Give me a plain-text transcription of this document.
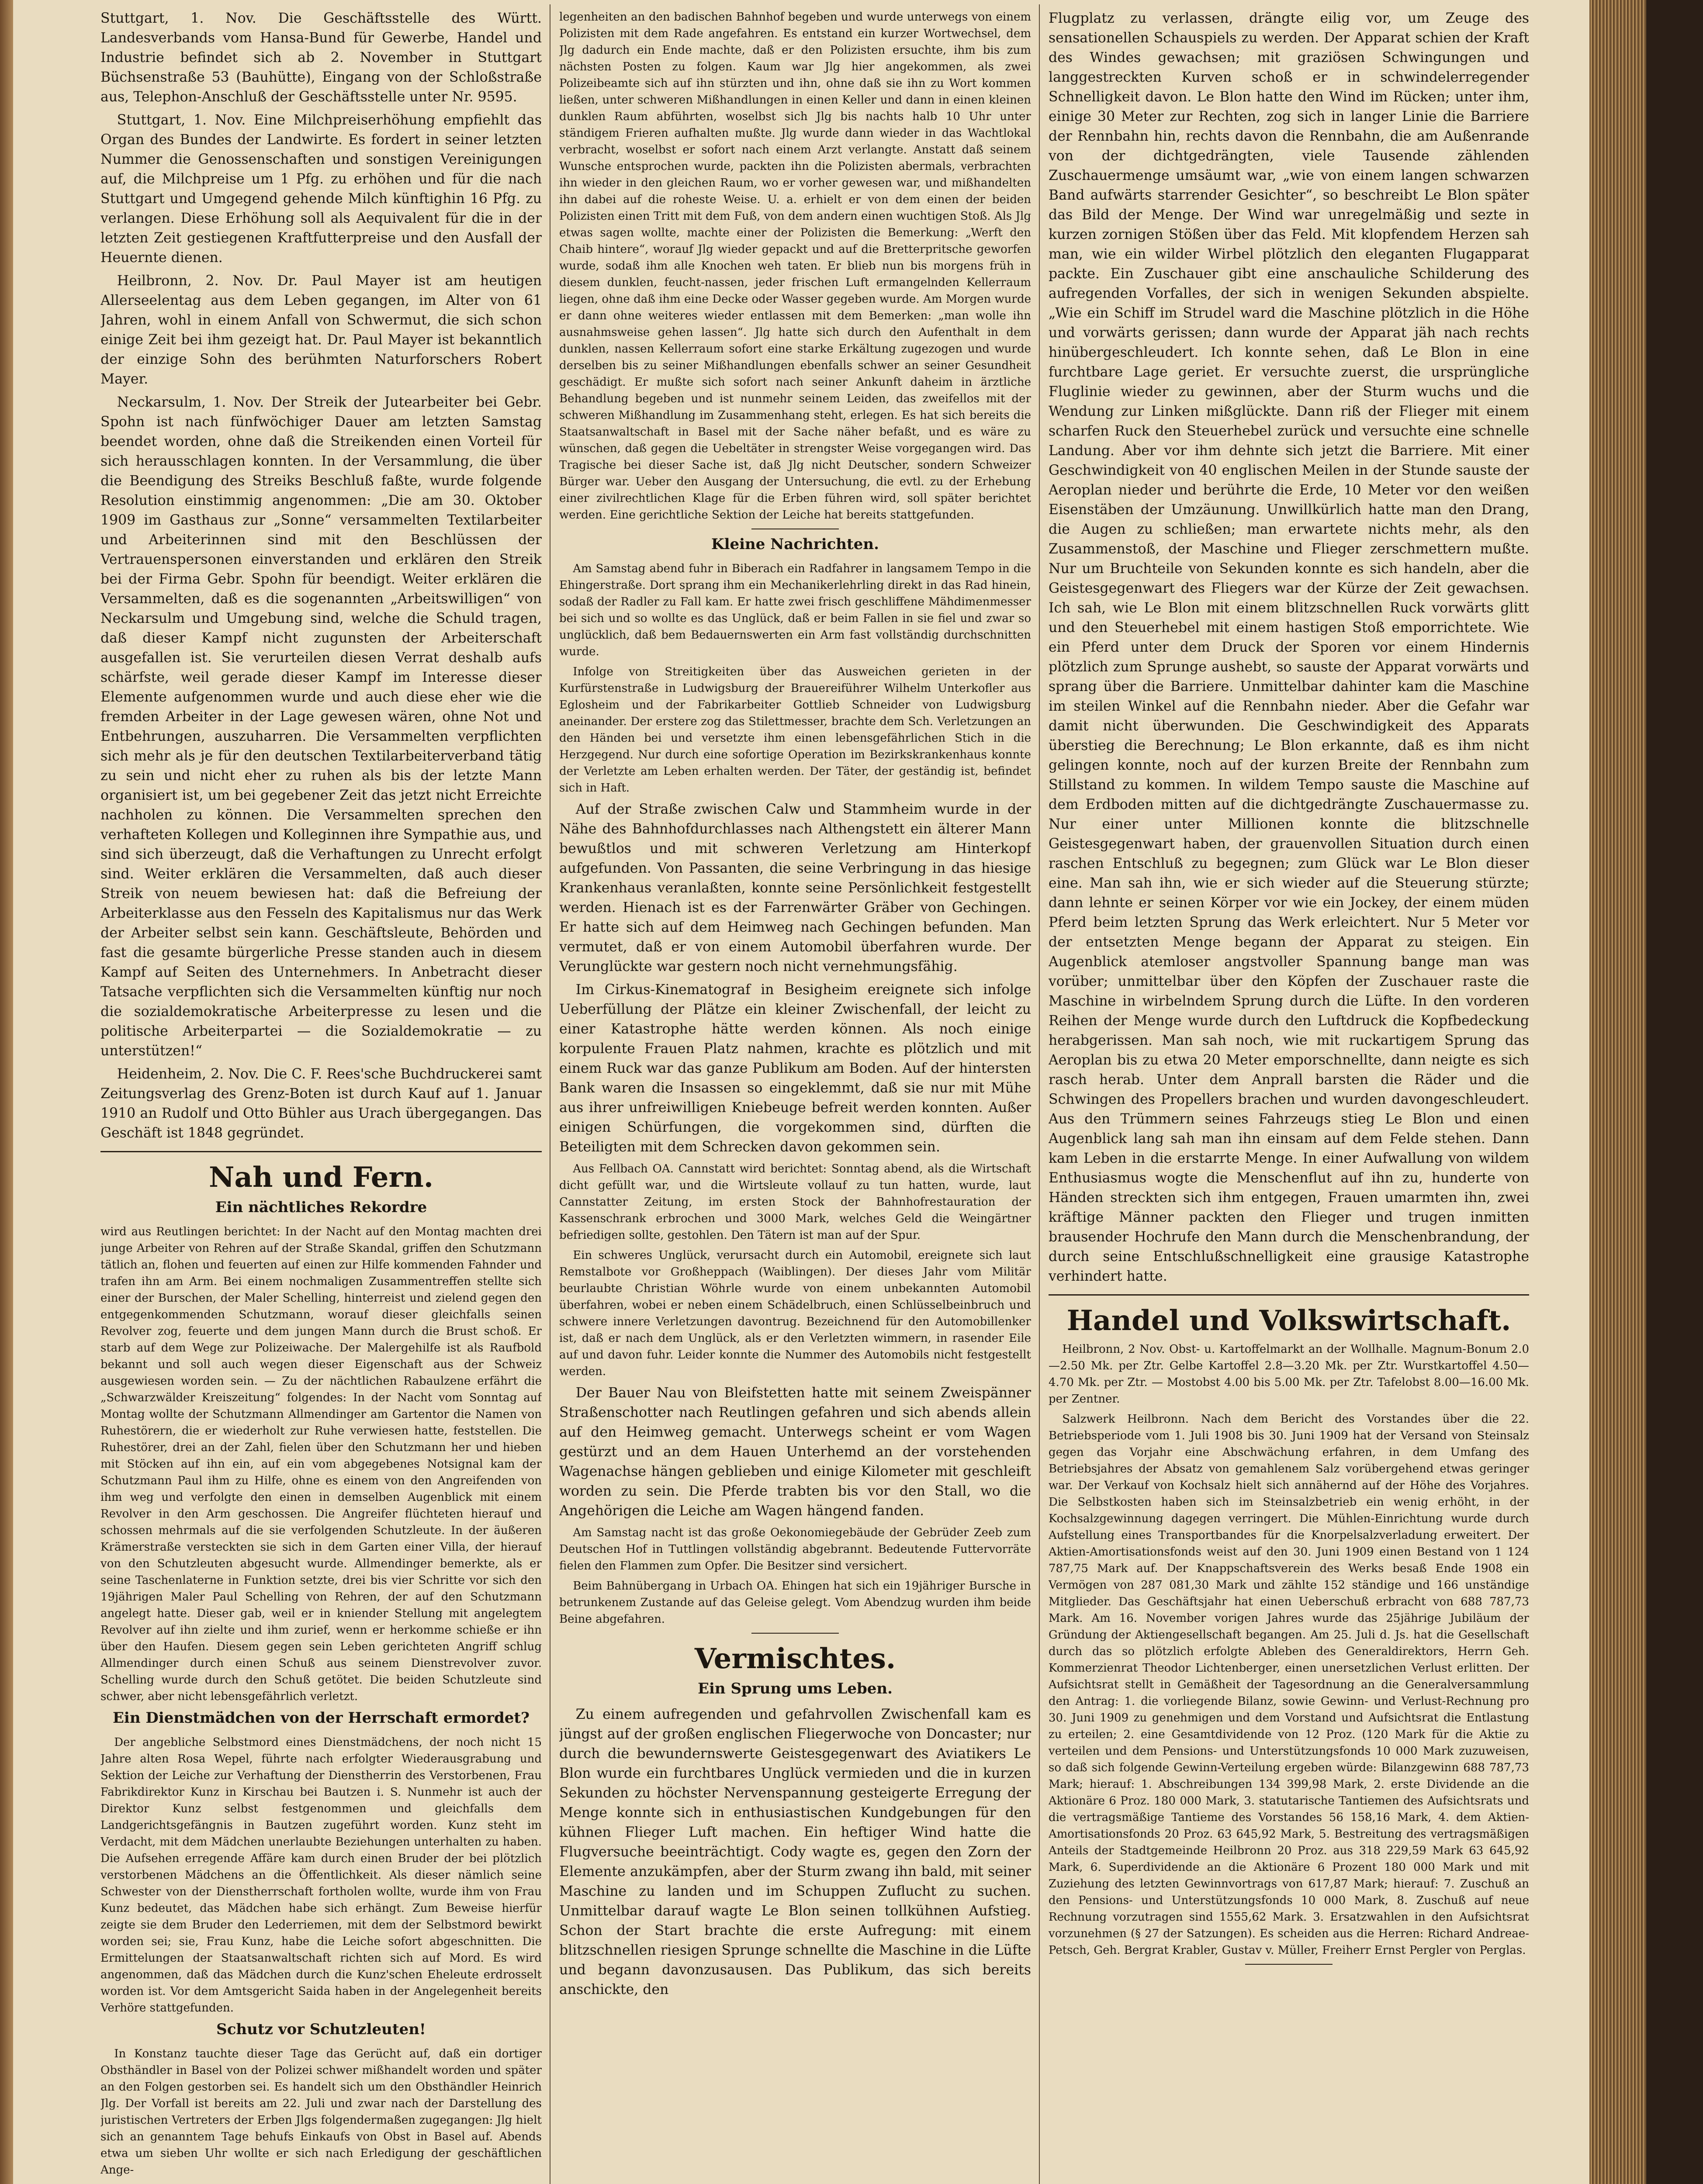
Stuttgart, 1. Nov. Die Geschäftsstelle des Württ. Landesverbands vom Hansa-Bund für Gewerbe, Handel und Industrie befindet sich ab 2. November in Stuttgart Büchsenstraße 53 (Bauhütte), Eingang von der Schloßstraße aus, Telephon-Anschluß der Geschäftsstelle unter Nr. 9595.

Stuttgart, 1. Nov. Eine Milchpreiserhöhung empfiehlt das Organ des Bundes der Landwirte. Es fordert in seiner letzten Nummer die Genossenschaften und sonstigen Vereinigungen auf, die Milchpreise um 1 Pfg. zu erhöhen und für die nach Stuttgart und Umgegend gehende Milch künftighin 16 Pfg. zu verlangen. Diese Erhöhung soll als Aequivalent für die in der letzten Zeit gestiegenen Kraftfutterpreise und den Ausfall der Heuernte dienen.

Heilbronn, 2. Nov. Dr. Paul Mayer ist am heutigen Allerseelentag aus dem Leben gegangen, im Alter von 61 Jahren, wohl in einem Anfall von Schwermut, die sich schon einige Zeit bei ihm gezeigt hat. Dr. Paul Mayer ist bekanntlich der einzige Sohn des berühmten Naturforschers Robert Mayer.

Neckarsulm, 1. Nov. Der Streik der Jutearbeiter bei Gebr. Spohn ist nach fünfwöchiger Dauer am letzten Samstag beendet worden, ohne daß die Streikenden einen Vorteil für sich herausschlagen konnten. In der Versammlung, die über die Beendigung des Streiks Beschluß faßte, wurde folgende Resolution einstimmig angenommen: „Die am 30. Oktober 1909 im Gasthaus zur „Sonne“ versammelten Textilarbeiter und Arbeiterinnen sind mit den Beschlüssen der Vertrauenspersonen einverstanden und erklären den Streik bei der Firma Gebr. Spohn für beendigt. Weiter erklären die Versammelten, daß es die sogenannten „Arbeitswilligen“ von Neckarsulm und Umgebung sind, welche die Schuld tragen, daß dieser Kampf nicht zugunsten der Arbeiterschaft ausgefallen ist. Sie verurteilen diesen Verrat deshalb aufs schärfste, weil gerade dieser Kampf im Interesse dieser Elemente aufgenommen wurde und auch diese eher wie die fremden Arbeiter in der Lage gewesen wären, ohne Not und Entbehrungen, auszuharren. Die Versammelten verpflichten sich mehr als je für den deutschen Textilarbeiterverband tätig zu sein und nicht eher zu ruhen als bis der letzte Mann organisiert ist, um bei gegebener Zeit das jetzt nicht Erreichte nachholen zu können. Die Versammelten sprechen den verhafteten Kollegen und Kolleginnen ihre Sympathie aus, und sind sich überzeugt, daß die Verhaftungen zu Unrecht erfolgt sind. Weiter erklären die Versammelten, daß auch dieser Streik von neuem bewiesen hat: daß die Befreiung der Arbeiterklasse aus den Fesseln des Kapitalismus nur das Werk der Arbeiter selbst sein kann. Geschäftsleute, Behörden und fast die gesamte bürgerliche Presse standen auch in diesem Kampf auf Seiten des Unternehmers. In Anbetracht dieser Tatsache verpflichten sich die Versammelten künftig nur noch die sozialdemokratische Arbeiterpresse zu lesen und die politische Arbeiterpartei — die Sozialdemokratie — zu unterstützen!“

Heidenheim, 2. Nov. Die C. F. Rees'sche Buchdruckerei samt Zeitungsverlag des Grenz-Boten ist durch Kauf auf 1. Januar 1910 an Rudolf und Otto Bühler aus Urach übergegangen. Das Geschäft ist 1848 gegründet.

Nah und Fern.
Ein nächtliches Rekordre

wird aus Reutlingen berichtet: In der Nacht auf den Montag machten drei junge Arbeiter von Rehren auf der Straße Skandal, griffen den Schutzmann tätlich an, flohen und feuerten auf einen zur Hilfe kommenden Fahnder und trafen ihn am Arm. Bei einem nochmaligen Zusammentreffen stellte sich einer der Burschen, der Maler Schelling, hinterreist und zielend gegen den entgegenkommenden Schutzmann, worauf dieser gleichfalls seinen Revolver zog, feuerte und dem jungen Mann durch die Brust schoß. Er starb auf dem Wege zur Polizeiwache. Der Malergehilfe ist als Raufbold bekannt und soll auch wegen dieser Eigenschaft aus der Schweiz ausgewiesen worden sein. — Zu der nächtlichen Rabaulzene erfährt die „Schwarzwälder Kreiszeitung“ folgendes: In der Nacht vom Sonntag auf Montag wollte der Schutzmann Allmendinger am Gartentor die Namen von Ruhestörern, die er wiederholt zur Ruhe verwiesen hatte, feststellen. Die Ruhestörer, drei an der Zahl, fielen über den Schutzmann her und hieben mit Stöcken auf ihn ein, auf ein vom abgegebenes Notsignal kam der Schutzmann Paul ihm zu Hilfe, ohne es einem von den Angreifenden von ihm weg und verfolgte den einen in demselben Augenblick mit einem Revolver in den Arm geschossen. Die Angreifer flüchteten hierauf und schossen mehrmals auf die sie verfolgenden Schutzleute. In der äußeren Krämerstraße versteckten sie sich in dem Garten einer Villa, der hierauf von den Schutzleuten abgesucht wurde. Allmendinger bemerkte, als er seine Taschenlaterne in Funktion setzte, drei bis vier Schritte vor sich den 19jährigen Maler Paul Schelling von Rehren, der auf den Schutzmann angelegt hatte. Dieser gab, weil er in kniender Stellung mit angelegtem Revolver auf ihn zielte und ihm zurief, wenn er herkomme schieße er ihn über den Haufen. Diesem gegen sein Leben gerichteten Angriff schlug Allmendinger durch einen Schuß aus seinem Dienstrevolver zuvor. Schelling wurde durch den Schuß getötet. Die beiden Schutzleute sind schwer, aber nicht lebensgefährlich verletzt.

Ein Dienstmädchen von der Herrschaft ermordet?

Der angebliche Selbstmord eines Dienstmädchens, der noch nicht 15 Jahre alten Rosa Wepel, führte nach erfolgter Wiederausgrabung und Sektion der Leiche zur Verhaftung der Dienstherrin des Verstorbenen, Frau Fabrikdirektor Kunz in Kirschau bei Bautzen i. S. Nunmehr ist auch der Direktor Kunz selbst festgenommen und gleichfalls dem Landgerichtsgefängnis in Bautzen zugeführt worden. Kunz steht im Verdacht, mit dem Mädchen unerlaubte Beziehungen unterhalten zu haben. Die Aufsehen erregende Affäre kam durch einen Bruder der bei plötzlich verstorbenen Mädchens an die Öffentlichkeit. Als dieser nämlich seine Schwester von der Dienstherrschaft fortholen wollte, wurde ihm von Frau Kunz bedeutet, das Mädchen habe sich erhängt. Zum Beweise hierfür zeigte sie dem Bruder den Lederriemen, mit dem der Selbstmord bewirkt worden sei; sie, Frau Kunz, habe die Leiche sofort abgeschnitten. Die Ermittelungen der Staatsanwaltschaft richten sich auf Mord. Es wird angenommen, daß das Mädchen durch die Kunz'schen Eheleute erdrosselt worden ist. Vor dem Amtsgericht Saida haben in der Angelegenheit bereits Verhöre stattgefunden.

Schutz vor Schutzleuten!

In Konstanz tauchte dieser Tage das Gerücht auf, daß ein dortiger Obsthändler in Basel von der Polizei schwer mißhandelt worden und später an den Folgen gestorben sei. Es handelt sich um den Obsthändler Heinrich Jlg. Der Vorfall ist bereits am 22. Juli und zwar nach der Darstellung des juristischen Vertreters der Erben Jlgs folgendermaßen zugegangen: Jlg hielt sich an genanntem Tage behufs Einkaufs von Obst in Basel auf. Abends etwa um sieben Uhr wollte er sich nach Erledigung der geschäftlichen Ange-

legenheiten an den badischen Bahnhof begeben und wurde unterwegs von einem Polizisten mit dem Rade angefahren. Es entstand ein kurzer Wortwechsel, dem Jlg dadurch ein Ende machte, daß er den Polizisten ersuchte, ihm bis zum nächsten Posten zu folgen. Kaum war Jlg hier angekommen, als zwei Polizeibeamte sich auf ihn stürzten und ihn, ohne daß sie ihn zu Wort kommen ließen, unter schweren Mißhandlungen in einen Keller und dann in einen kleinen dunklen Raum abführten, woselbst sich Jlg bis nachts halb 10 Uhr unter ständigem Frieren aufhalten mußte. Jlg wurde dann wieder in das Wachtlokal verbracht, woselbst er sofort nach einem Arzt verlangte. Anstatt daß seinem Wunsche entsprochen wurde, packten ihn die Polizisten abermals, verbrachten ihn wieder in den gleichen Raum, wo er vorher gewesen war, und mißhandelten ihn dabei auf die roheste Weise. U. a. erhielt er von dem einen der beiden Polizisten einen Tritt mit dem Fuß, von dem andern einen wuchtigen Stoß. Als Jlg etwas sagen wollte, machte einer der Polizisten die Bemerkung: „Werft den Chaib hintere“, worauf Jlg wieder gepackt und auf die Bretterpritsche geworfen wurde, sodaß ihm alle Knochen weh taten. Er blieb nun bis morgens früh in diesem dunklen, feucht-nassen, jeder frischen Luft ermangelnden Kellerraum liegen, ohne daß ihm eine Decke oder Wasser gegeben wurde. Am Morgen wurde er dann ohne weiteres wieder entlassen mit dem Bemerken: „man wolle ihn ausnahmsweise gehen lassen“. Jlg hatte sich durch den Aufenthalt in dem dunklen, nassen Kellerraum sofort eine starke Erkältung zugezogen und wurde derselben bis zu seiner Mißhandlungen ebenfalls schwer an seiner Gesundheit geschädigt. Er mußte sich sofort nach seiner Ankunft daheim in ärztliche Behandlung begeben und ist nunmehr seinem Leiden, das zweifellos mit der schweren Mißhandlung im Zusammenhang steht, erlegen. Es hat sich bereits die Staatsanwaltschaft in Basel mit der Sache näher befaßt, und es wäre zu wünschen, daß gegen die Uebeltäter in strengster Weise vorgegangen wird. Das Tragische bei dieser Sache ist, daß Jlg nicht Deutscher, sondern Schweizer Bürger war. Ueber den Ausgang der Untersuchung, die evtl. zu der Erhebung einer zivilrechtlichen Klage für die Erben führen wird, soll später berichtet werden. Eine gerichtliche Sektion der Leiche hat bereits stattgefunden.

Kleine Nachrichten.

Am Samstag abend fuhr in Biberach ein Radfahrer in langsamem Tempo in die Ehingerstraße. Dort sprang ihm ein Mechanikerlehrling direkt in das Rad hinein, sodaß der Radler zu Fall kam. Er hatte zwei frisch geschliffene Mähdimenmesser bei sich und so wollte es das Unglück, daß er beim Fallen in sie fiel und zwar so unglücklich, daß bem Bedauernswerten ein Arm fast vollständig durchschnitten wurde.

Infolge von Streitigkeiten über das Ausweichen gerieten in der Kurfürstenstraße in Ludwigsburg der Brauereiführer Wilhelm Unterkofler aus Eglosheim und der Fabrikarbeiter Gottlieb Schneider von Ludwigsburg aneinander. Der erstere zog das Stilettmesser, brachte dem Sch. Verletzungen an den Händen bei und versetzte ihm einen lebensgefährlichen Stich in die Herzgegend. Nur durch eine sofortige Operation im Bezirkskrankenhaus konnte der Verletzte am Leben erhalten werden. Der Täter, der geständig ist, befindet sich in Haft.

Auf der Straße zwischen Calw und Stammheim wurde in der Nähe des Bahnhofdurchlasses nach Althengstett ein älterer Mann bewußtlos und mit schweren Verletzung am Hinterkopf aufgefunden. Von Passanten, die seine Verbringung in das hiesige Krankenhaus veranlaßten, konnte seine Persönlichkeit festgestellt werden. Hienach ist es der Farrenwärter Gräber von Gechingen. Er hatte sich auf dem Heimweg nach Gechingen befunden. Man vermutet, daß er von einem Automobil überfahren wurde. Der Verunglückte war gestern noch nicht vernehmungsfähig.

Im Cirkus-Kinematograf in Besigheim ereignete sich infolge Ueberfüllung der Plätze ein kleiner Zwischenfall, der leicht zu einer Katastrophe hätte werden können. Als noch einige korpulente Frauen Platz nahmen, krachte es plötzlich und mit einem Ruck war das ganze Publikum am Boden. Auf der hintersten Bank waren die Insassen so eingeklemmt, daß sie nur mit Mühe aus ihrer unfreiwilligen Kniebeuge befreit werden konnten. Außer einigen Schürfungen, die vorgekommen sind, dürften die Beteiligten mit dem Schrecken davon gekommen sein.

Aus Fellbach OA. Cannstatt wird berichtet: Sonntag abend, als die Wirtschaft dicht gefüllt war, und die Wirtsleute vollauf zu tun hatten, wurde, laut Cannstatter Zeitung, im ersten Stock der Bahnhofrestauration der Kassenschrank erbrochen und 3000 Mark, welches Geld die Weingärtner befriedigen sollte, gestohlen. Den Tätern ist man auf der Spur.

Ein schweres Unglück, verursacht durch ein Automobil, ereignete sich laut Remstalbote vor Großheppach (Waiblingen). Der dieses Jahr vom Militär beurlaubte Christian Wöhrle wurde von einem unbekannten Automobil überfahren, wobei er neben einem Schädelbruch, einen Schlüsselbeinbruch und schwere innere Verletzungen davontrug. Bezeichnend für den Automobillenker ist, daß er nach dem Unglück, als er den Verletzten wimmern, in rasender Eile auf und davon fuhr. Leider konnte die Nummer des Automobils nicht festgestellt werden.

Der Bauer Nau von Bleifstetten hatte mit seinem Zweispänner Straßenschotter nach Reutlingen gefahren und sich abends allein auf den Heimweg gemacht. Unterwegs scheint er vom Wagen gestürzt und an dem Hauen Unterhemd an der vorstehenden Wagenachse hängen geblieben und einige Kilometer mit geschleift worden zu sein. Die Pferde trabten bis vor den Stall, wo die Angehörigen die Leiche am Wagen hängend fanden.

Am Samstag nacht ist das große Oekonomiegebäude der Gebrüder Zeeb zum Deutschen Hof in Tuttlingen vollständig abgebrannt. Bedeutende Futtervorräte fielen den Flammen zum Opfer. Die Besitzer sind versichert.

Beim Bahnübergang in Urbach OA. Ehingen hat sich ein 19jähriger Bursche in betrunkenem Zustande auf das Geleise gelegt. Vom Abendzug wurden ihm beide Beine abgefahren.

Vermischtes.
Ein Sprung ums Leben.

Zu einem aufregenden und gefahrvollen Zwischenfall kam es jüngst auf der großen englischen Fliegerwoche von Doncaster; nur durch die bewundernswerte Geistesgegenwart des Aviatikers Le Blon wurde ein furchtbares Unglück vermieden und die in kurzen Sekunden zu höchster Nervenspannung gesteigerte Erregung der Menge konnte sich in enthusiastischen Kundgebungen für den kühnen Flieger Luft machen. Ein heftiger Wind hatte die Flugversuche beeinträchtigt. Cody wagte es, gegen den Zorn der Elemente anzukämpfen, aber der Sturm zwang ihn bald, mit seiner Maschine zu landen und im Schuppen Zuflucht zu suchen. Unmittelbar darauf wagte Le Blon seinen tollkühnen Aufstieg. Schon der Start brachte die erste Aufregung: mit einem blitzschnellen riesigen Sprunge schnellte die Maschine in die Lüfte und begann davonzusausen. Das Publikum, das sich bereits anschickte, den

Flugplatz zu verlassen, drängte eilig vor, um Zeuge des sensationellen Schauspiels zu werden. Der Apparat schien der Kraft des Windes gewachsen; mit graziösen Schwingungen und langgestreckten Kurven schoß er in schwindelerregender Schnelligkeit davon. Le Blon hatte den Wind im Rücken; unter ihm, einige 30 Meter zur Rechten, zog sich in langer Linie die Barriere der Rennbahn hin, rechts davon die Rennbahn, die am Außenrande von der dichtgedrängten, viele Tausende zählenden Zuschauermenge umsäumt war, „wie von einem langen schwarzen Band aufwärts starrender Gesichter“, so beschreibt Le Blon später das Bild der Menge. Der Wind war unregelmäßig und sezte in kurzen zornigen Stößen über das Feld. Mit klopfendem Herzen sah man, wie ein wilder Wirbel plötzlich den eleganten Flugapparat packte. Ein Zuschauer gibt eine anschauliche Schilderung des aufregenden Vorfalles, der sich in wenigen Sekunden abspielte. „Wie ein Schiff im Strudel ward die Maschine plötzlich in die Höhe und vorwärts gerissen; dann wurde der Apparat jäh nach rechts hinübergeschleudert. Ich konnte sehen, daß Le Blon in eine furchtbare Lage geriet. Er versuchte zuerst, die ursprüngliche Fluglinie wieder zu gewinnen, aber der Sturm wuchs und die Wendung zur Linken mißglückte. Dann riß der Flieger mit einem scharfen Ruck den Steuerhebel zurück und versuchte eine schnelle Landung. Aber vor ihm dehnte sich jetzt die Barriere. Mit einer Geschwindigkeit von 40 englischen Meilen in der Stunde sauste der Aeroplan nieder und berührte die Erde, 10 Meter vor den weißen Eisenstäben der Umzäunung. Unwillkürlich hatte man den Drang, die Augen zu schließen; man erwartete nichts mehr, als den Zusammenstoß, der Maschine und Flieger zerschmettern mußte. Nur um Bruchteile von Sekunden konnte es sich handeln, aber die Geistesgegenwart des Fliegers war der Kürze der Zeit gewachsen. Ich sah, wie Le Blon mit einem blitzschnellen Ruck vorwärts glitt und den Steuerhebel mit einem hastigen Stoß emporrichtete. Wie ein Pferd unter dem Druck der Sporen vor einem Hindernis plötzlich zum Sprunge aushebt, so sauste der Apparat vorwärts und sprang über die Barriere. Unmittelbar dahinter kam die Maschine im steilen Winkel auf die Rennbahn nieder. Aber die Gefahr war damit nicht überwunden. Die Geschwindigkeit des Apparats überstieg die Berechnung; Le Blon erkannte, daß es ihm nicht gelingen konnte, noch auf der kurzen Breite der Rennbahn zum Stillstand zu kommen. In wildem Tempo sauste die Maschine auf dem Erdboden mitten auf die dichtgedrängte Zuschauermasse zu. Nur einer unter Millionen konnte die blitzschnelle Geistesgegenwart haben, der grauenvollen Situation durch einen raschen Entschluß zu begegnen; zum Glück war Le Blon dieser eine. Man sah ihn, wie er sich wieder auf die Steuerung stürzte; dann lehnte er seinen Körper vor wie ein Jockey, der einem müden Pferd beim letzten Sprung das Werk erleichtert. Nur 5 Meter vor der entsetzten Menge begann der Apparat zu steigen. Ein Augenblick atemloser angstvoller Spannung bange man was vorüber; unmittelbar über den Köpfen der Zuschauer raste die Maschine in wirbelndem Sprung durch die Lüfte. In den vorderen Reihen der Menge wurde durch den Luftdruck die Kopfbedeckung herabgerissen. Man sah noch, wie mit ruckartigem Sprung das Aeroplan bis zu etwa 20 Meter emporschnellte, dann neigte es sich rasch herab. Unter dem Anprall barsten die Räder und die Schwingen des Propellers brachen und wurden davongeschleudert. Aus den Trümmern seines Fahrzeugs stieg Le Blon und einen Augenblick lang sah man ihn einsam auf dem Felde stehen. Dann kam Leben in die erstarrte Menge. In einer Aufwallung von wildem Enthusiasmus wogte die Menschenflut auf ihn zu, hunderte von Händen streckten sich ihm entgegen, Frauen umarmten ihn, zwei kräftige Männer packten den Flieger und trugen inmitten brausender Hochrufe den Mann durch die Menschenbrandung, der durch seine Entschlußschnelligkeit eine grausige Katastrophe verhindert hatte.

Handel und Volkswirtschaft.

Heilbronn, 2 Nov. Obst- u. Kartoffelmarkt an der Wollhalle. Magnum-Bonum 2.0—2.50 Mk. per Ztr. Gelbe Kartoffel 2.8—3.20 Mk. per Ztr. Wurstkartoffel 4.50—4.70 Mk. per Ztr. — Mostobst 4.00 bis 5.00 Mk. per Ztr. Tafelobst 8.00—16.00 Mk. per Zentner.

Salzwerk Heilbronn. Nach dem Bericht des Vorstandes über die 22. Betriebsperiode vom 1. Juli 1908 bis 30. Juni 1909 hat der Versand von Steinsalz gegen das Vorjahr eine Abschwächung erfahren, in dem Umfang des Betriebsjahres der Absatz von gemahlenem Salz vorübergehend etwas geringer war. Der Verkauf von Kochsalz hielt sich annähernd auf der Höhe des Vorjahres. Die Selbstkosten haben sich im Steinsalzbetrieb ein wenig erhöht, in der Kochsalzgewinnung dagegen verringert. Die Mühlen-Einrichtung wurde durch Aufstellung eines Transportbandes für die Knorpelsalzverladung erweitert. Der Aktien-Amortisationsfonds weist auf den 30. Juni 1909 einen Bestand von 1 124 787,75 Mark auf. Der Knappschaftsverein des Werks besaß Ende 1908 ein Vermögen von 287 081,30 Mark und zählte 152 ständige und 166 unständige Mitglieder. Das Geschäftsjahr hat einen Ueberschuß erbracht von 688 787,73 Mark. Am 16. November vorigen Jahres wurde das 25jährige Jubiläum der Gründung der Aktiengesellschaft begangen. Am 25. Juli d. Js. hat die Gesellschaft durch das so plötzlich erfolgte Ableben des Generaldirektors, Herrn Geh. Kommerzienrat Theodor Lichtenberger, einen unersetzlichen Verlust erlitten. Der Aufsichtsrat stellt in Gemäßheit der Tagesordnung an die Generalversammlung den Antrag: 1. die vorliegende Bilanz, sowie Gewinn- und Verlust-Rechnung pro 30. Juni 1909 zu genehmigen und dem Vorstand und Aufsichtsrat die Entlastung zu erteilen; 2. eine Gesamtdividende von 12 Proz. (120 Mark für die Aktie zu verteilen und dem Pensions- und Unterstützungsfonds 10 000 Mark zuzuweisen, so daß sich folgende Gewinn-Verteilung ergeben würde: Bilanzgewinn 688 787,73 Mark; hierauf: 1. Abschreibungen 134 399,98 Mark, 2. erste Dividende an die Aktionäre 6 Proz. 180 000 Mark, 3. statutarische Tantiemen des Aufsichtsrats und die vertragsmäßige Tantieme des Vorstandes 56 158,16 Mark, 4. dem Aktien-Amortisationsfonds 20 Proz. 63 645,92 Mark, 5. Bestreitung des vertragsmäßigen Anteils der Stadtgemeinde Heilbronn 20 Proz. aus 318 229,59 Mark 63 645,92 Mark, 6. Superdividende an die Aktionäre 6 Prozent 180 000 Mark und mit Zuziehung des letzten Gewinnvortrags von 617,87 Mark; hierauf: 7. Zuschuß an den Pensions- und Unterstützungsfonds 10 000 Mark, 8. Zuschuß auf neue Rechnung vorzutragen sind 1555,62 Mark. 3. Ersatzwahlen in den Aufsichtsrat vorzunehmen (§ 27 der Satzungen). Es scheiden aus die Herren: Richard Andreae-Petsch, Geh. Bergrat Krabler, Gustav v. Müller, Freiherr Ernst Pergler von Perglas.
